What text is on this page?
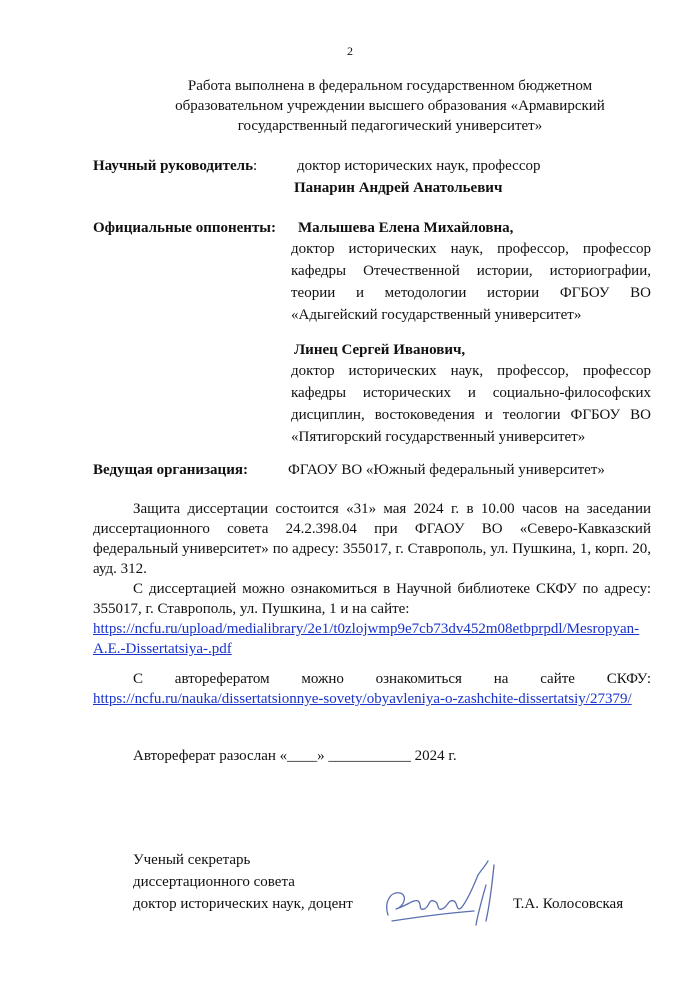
2
Работа выполнена в федеральном государственном бюджетном образовательном учреждении высшего образования «Армавирский государственный педагогический университет»
Научный руководитель:	доктор исторических наук, профессор
Панарин Андрей Анатольевич
Официальные оппоненты: Малышева Елена Михайловна,
доктор исторических наук, профессор, профессор кафедры Отечественной истории, историографии, теории и методологии истории ФГБОУ ВО «Адыгейский государственный университет»
Линец Сергей Иванович,
доктор исторических наук, профессор, профессор кафедры исторических и социально-философских дисциплин, востоковедения и теологии ФГБОУ ВО «Пятигорский государственный университет»
Ведущая организация:	ФГАОУ ВО «Южный федеральный университет»
Защита диссертации состоится «31» мая 2024 г. в 10.00 часов на заседании диссертационного совета 24.2.398.04 при ФГАОУ ВО «Северо-Кавказский федеральный университет» по адресу: 355017, г. Ставрополь, ул. Пушкина, 1, корп. 20, ауд. 312.
С диссертацией можно ознакомиться в Научной библиотеке СКФУ по адресу: 355017, г. Ставрополь, ул. Пушкина, 1 и на сайте:
https://ncfu.ru/upload/medialibrary/2e1/t0zlojwmp9e7cb73dv452m08etbprpdl/Mesropyan-A.E.-Dissertatsiya-.pdf
С авторефератом можно ознакомиться на сайте СКФУ:
https://ncfu.ru/nauka/dissertatsionnye-sovety/obyavleniya-o-zashchite-dissertatsiy/27379/
Автореферат разослан «____» ___________ 2024 г.
Ученый секретарь
диссертационного совета
доктор исторических наук, доцент	Т.А. Колосовская
